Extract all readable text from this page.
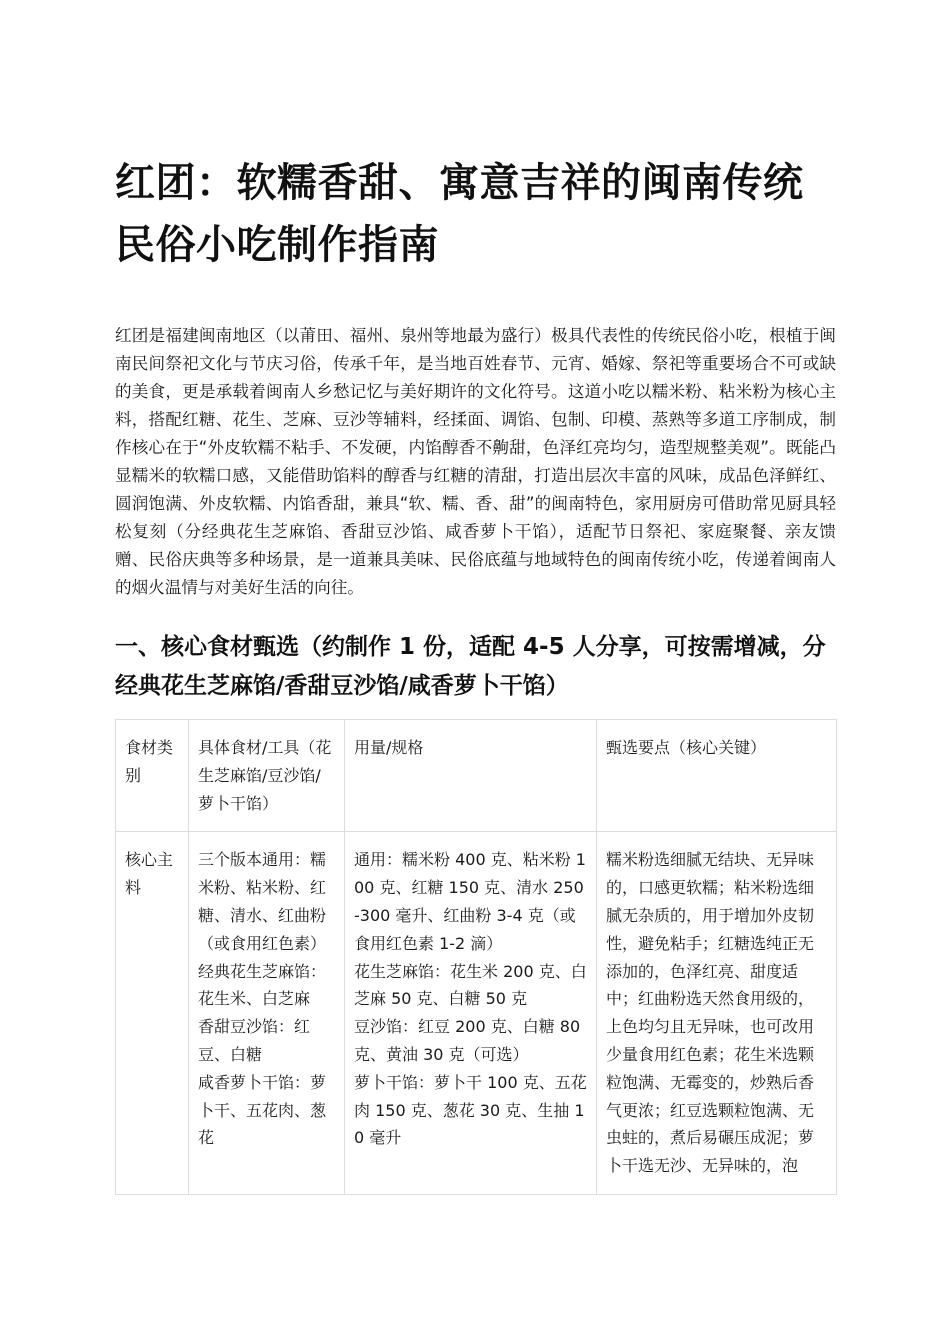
红团：软糯香甜、寓意吉祥的闽南传统民俗小吃制作指南

红团是福建闽南地区（以莆田、福州、泉州等地最为盛行）极具代表性的传统民俗小吃，根植于闽南民间祭祀文化与节庆习俗，传承千年，是当地百姓春节、元宵、婚嫁、祭祀等重要场合不可或缺的美食，更是承载着闽南人乡愁记忆与美好期许的文化符号。这道小吃以糯米粉、粘米粉为核心主料，搭配红糖、花生、芝麻、豆沙等辅料，经揉面、调馅、包制、印模、蒸熟等多道工序制成，制作核心在于“外皮软糯不粘手、不发硬，内馅醇香不齁甜，色泽红亮均匀，造型规整美观”。既能凸显糯米的软糯口感，又能借助馅料的醇香与红糖的清甜，打造出层次丰富的风味，成品色泽鲜红、圆润饱满、外皮软糯、内馅香甜，兼具“软、糯、香、甜”的闽南特色，家用厨房可借助常见厨具轻松复刻（分经典花生芝麻馅、香甜豆沙馅、咸香萝卜干馅），适配节日祭祀、家庭聚餐、亲友馈赠、民俗庆典等多种场景，是一道兼具美味、民俗底蕴与地域特色的闽南传统小吃，传递着闽南人的烟火温情与对美好生活的向往。

一、核心食材甄选（约制作 1 份，适配 4-5 人分享，可按需增减，分经典花生芝麻馅/香甜豆沙馅/咸香萝卜干馅）
食材类别	具体食材/工具（花生芝麻馅/豆沙馅/萝卜干馅）	用量/规格	甄选要点（核心关键）
核心主料	三个版本通用：糯米粉、粘米粉、红糖、清水、红曲粉（或食用红色素）
经典花生芝麻馅：花生米、白芝麻
香甜豆沙馅：红豆、白糖
咸香萝卜干馅：萝卜干、五花肉、葱花	通用：糯米粉 400 克、粘米粉 100 克、红糖 150 克、清水 250-300 毫升、红曲粉 3-4 克（或食用红色素 1-2 滴）
花生芝麻馅：花生米 200 克、白芝麻 50 克、白糖 50 克
豆沙馅：红豆 200 克、白糖 80 克、黄油 30 克（可选）
萝卜干馅：萝卜干 100 克、五花肉 150 克、葱花 30 克、生抽 10 毫升	糯米粉选细腻无结块、无异味的，口感更软糯；粘米粉选细腻无杂质的，用于增加外皮韧性，避免粘手；红糖选纯正无添加的，色泽红亮、甜度适中；红曲粉选天然食用级的，上色均匀且无异味，也可改用少量食用红色素；花生米选颗粒饱满、无霉变的，炒熟后香气更浓；红豆选颗粒饱满、无虫蛀的，煮后易碾压成泥；萝卜干选无沙、无异味的，泡
